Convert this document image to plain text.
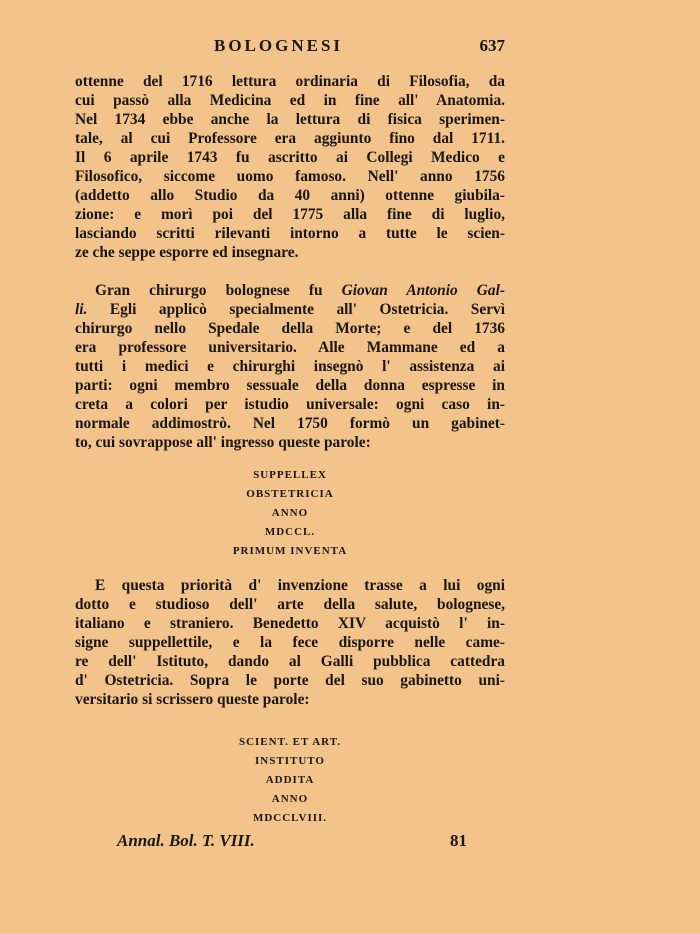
BOLOGNESI	637

ottenne del 1716 lettura ordinaria di Filosofia, da
cui passò alla Medicina ed in fine all' Anatomia.
Nel 1734 ebbe anche la lettura di fisica sperimen-
tale, al cui Professore era aggiunto fino dal 1711.
Il 6 aprile 1743 fu ascritto ai Collegi Medico e
Filosofico, siccome uomo famoso. Nell' anno 1756
(addetto allo Studio da 40 anni) ottenne giubila-
zione: e morì poi del 1775 alla fine di luglio,
lasciando scritti rilevanti intorno a tutte le scien-
ze che seppe esporre ed insegnare.

Gran chirurgo bolognese fu Giovan Antonio Gal-
li. Egli applicò specialmente all' Ostetricia. Servì
chirurgo nello Spedale della Morte; e del 1736
era professore universitario. Alle Mammane ed a
tutti i medici e chirurghi insegnò l' assistenza ai
parti: ogni membro sessuale della donna espresse in
creta a colori per istudio universale: ogni caso in-
normale addimostrò. Nel 1750 formò un gabinet-
to, cui sovrappose all' ingresso queste parole:

SUPPELLEX
OBSTETRICIA
ANNO
MDCCL.
PRIMUM INVENTA

E questa priorità d' invenzione trasse a lui ogni
dotto e studioso dell' arte della salute, bolognese,
italiano e straniero. Benedetto XIV acquistò l' in-
signe suppellettile, e la fece disporre nelle came-
re dell' Istituto, dando al Galli pubblica cattedra
d' Ostetricia. Sopra le porte del suo gabinetto uni-
versitario si scrissero queste parole:

SCIENT. ET ART.
INSTITUTO
ADDITA
ANNO
MDCCLVIII.
Annal. Bol. T. VIII.	81
